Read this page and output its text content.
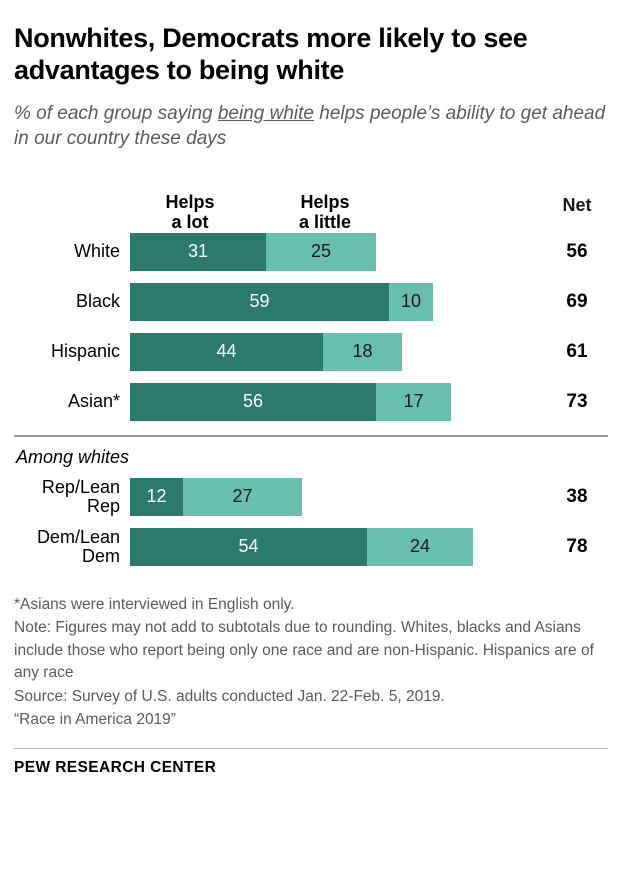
Nonwhites, Democrats more likely to see advantages to being white

% of each group saying being white helps people’s ability to get ahead in our country these days

Helps
a lot
Helps
a little
Net
White	31	25	56
Black	59	10	69
Hispanic	44	18	61
Asian*	56	17	73

Among whites

Rep/Lean
Rep	12	27	38
Dem/Lean
Dem	54	24	78

*Asians were interviewed in English only.

Note: Figures may not add to subtotals due to rounding. Whites, blacks and Asians include those who report being only one race and are non-Hispanic. Hispanics are of any race

Source: Survey of U.S. adults conducted Jan. 22-Feb. 5, 2019.

“Race in America 2019”

PEW RESEARCH CENTER
